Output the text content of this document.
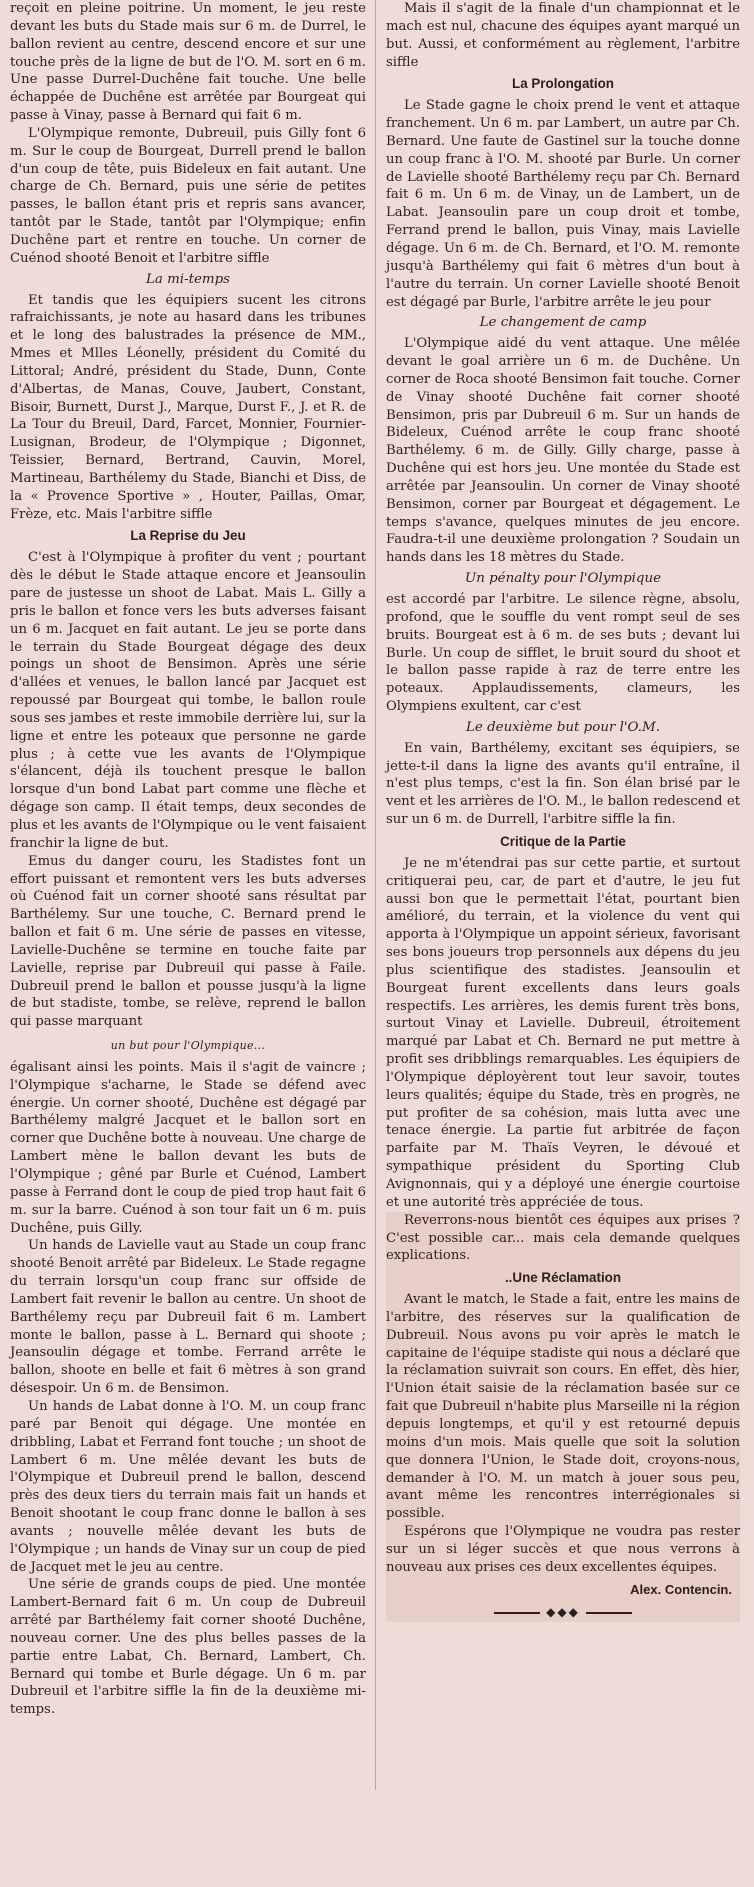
reçoit en pleine poitrine. Un moment, le jeu reste devant les buts du Stade mais sur 6 m. de Durrel, le ballon revient au centre, descend encore et sur une touche près de la ligne de but de l'O. M. sort en 6 m. Une passe Durrel-Duchêne fait touche. Une belle échappée de Duchêne est arrêtée par Bourgeat qui passe à Vinay, passe à Bernard qui fait 6 m.

L'Olympique remonte, Dubreuil, puis Gilly font 6 m. Sur le coup de Bourgeat, Durrell prend le ballon d'un coup de tête, puis Bideleux en fait autant. Une charge de Ch. Bernard, puis une série de petites passes, le ballon étant pris et repris sans avancer, tantôt par le Stade, tantôt par l'Olympique; enfin Duchêne part et rentre en touche. Un corner de Cuénod shooté Benoit et l'arbitre siffle

La mi-temps

Et tandis que les équipiers sucent les citrons rafraichissants, je note au hasard dans les tribunes et le long des balustrades la présence de MM., Mmes et Mlles Léonelly, président du Comité du Littoral; André, président du Stade, Dunn, Conte d'Albertas, de Manas, Couve, Jaubert, Constant, Bisoir, Burnett, Durst J., Marque, Durst F., J. et R. de La Tour du Breuil, Dard, Farcet, Monnier, Fournier-Lusignan, Brodeur, de l'Olympique ; Digonnet, Teissier, Bernard, Bertrand, Cauvin, Morel, Martineau, Barthélemy du Stade, Bianchi et Diss, de la « Provence Sportive » , Houter, Paillas, Omar, Frèze, etc. Mais l'arbitre siffle

La Reprise du Jeu

C'est à l'Olympique à profiter du vent ; pourtant dès le début le Stade attaque encore et Jeansoulin pare de justesse un shoot de Labat. Mais L. Gilly a pris le ballon et fonce vers les buts adverses faisant un 6 m. Jacquet en fait autant. Le jeu se porte dans le terrain du Stade Bourgeat dégage des deux poings un shoot de Bensimon. Après une série d'allées et venues, le ballon lancé par Jacquet est repoussé par Bourgeat qui tombe, le ballon roule sous ses jambes et reste immobile derrière lui, sur la ligne et entre les poteaux que personne ne garde plus ; à cette vue les avants de l'Olympique s'élancent, déjà ils touchent presque le ballon lorsque d'un bond Labat part comme une flèche et dégage son camp. Il était temps, deux secondes de plus et les avants de l'Olympique ou le vent faisaient franchir la ligne de but.

Emus du danger couru, les Stadistes font un effort puissant et remontent vers les buts adverses où Cuénod fait un corner shooté sans résultat par Barthélemy. Sur une touche, C. Bernard prend le ballon et fait 6 m. Une série de passes en vitesse, Lavielle-Duchêne se termine en touche faite par Lavielle, reprise par Dubreuil qui passe à Faile. Dubreuil prend le ballon et pousse jusqu'à la ligne de but stadiste, tombe, se relève, reprend le ballon qui passe marquant

un but pour l'Olympique...

égalisant ainsi les points. Mais il s'agit de vaincre ; l'Olympique s'acharne, le Stade se défend avec énergie. Un corner shooté, Duchêne est dégagé par Barthélemy malgré Jacquet et le ballon sort en corner que Duchêne botte à nouveau. Une charge de Lambert mène le ballon devant les buts de l'Olympique ; gêné par Burle et Cuénod, Lambert passe à Ferrand dont le coup de pied trop haut fait 6 m. sur la barre. Cuénod à son tour fait un 6 m. puis Duchêne, puis Gilly.

Un hands de Lavielle vaut au Stade un coup franc shooté Benoit arrêté par Bideleux. Le Stade regagne du terrain lorsqu'un coup franc sur offside de Lambert fait revenir le ballon au centre. Un shoot de Barthélemy reçu par Dubreuil fait 6 m. Lambert monte le ballon, passe à L. Bernard qui shoote ; Jeansoulin dégage et tombe. Ferrand arrête le ballon, shoote en belle et fait 6 mètres à son grand désespoir. Un 6 m. de Bensimon.

Un hands de Labat donne à l'O. M. un coup franc paré par Benoit qui dégage. Une montée en dribbling, Labat et Ferrand font touche ; un shoot de Lambert 6 m. Une mêlée devant les buts de l'Olympique et Dubreuil prend le ballon, descend près des deux tiers du terrain mais fait un hands et Benoit shootant le coup franc donne le ballon à ses avants ; nouvelle mêlée devant les buts de l'Olympique ; un hands de Vinay sur un coup de pied de Jacquet met le jeu au centre.

Une série de grands coups de pied. Une montée Lambert-Bernard fait 6 m. Un coup de Dubreuil arrêté par Barthélemy fait corner shooté Duchêne, nouveau corner. Une des plus belles passes de la partie entre Labat, Ch. Bernard, Lambert, Ch. Bernard qui tombe et Burle dégage. Un 6 m. par Dubreuil et l'arbitre siffle la fin de la deuxième mi-temps.

Mais il s'agit de la finale d'un championnat et le mach est nul, chacune des équipes ayant marqué un but. Aussi, et conformément au règlement, l'arbitre siffle

La Prolongation

Le Stade gagne le choix prend le vent et attaque franchement. Un 6 m. par Lambert, un autre par Ch. Bernard. Une faute de Gastinel sur la touche donne un coup franc à l'O. M. shooté par Burle. Un corner de Lavielle shooté Barthélemy reçu par Ch. Bernard fait 6 m. Un 6 m. de Vinay, un de Lambert, un de Labat. Jeansoulin pare un coup droit et tombe, Ferrand prend le ballon, puis Vinay, mais Lavielle dégage. Un 6 m. de Ch. Bernard, et l'O. M. remonte jusqu'à Barthélemy qui fait 6 mètres d'un bout à l'autre du terrain. Un corner Lavielle shooté Benoit est dégagé par Burle, l'arbitre arrête le jeu pour

Le changement de camp

L'Olympique aidé du vent attaque. Une mêlée devant le goal arrière un 6 m. de Duchêne. Un corner de Roca shooté Bensimon fait touche. Corner de Vinay shooté Duchêne fait corner shooté Bensimon, pris par Dubreuil 6 m. Sur un hands de Bideleux, Cuénod arrête le coup franc shooté Barthélemy. 6 m. de Gilly. Gilly charge, passe à Duchêne qui est hors jeu. Une montée du Stade est arrêtée par Jeansoulin. Un corner de Vinay shooté Bensimon, corner par Bourgeat et dégagement. Le temps s'avance, quelques minutes de jeu encore. Faudra-t-il une deuxième prolongation ? Soudain un hands dans les 18 mètres du Stade.

Un pénalty pour l'Olympique

est accordé par l'arbitre. Le silence règne, absolu, profond, que le souffle du vent rompt seul de ses bruits. Bourgeat est à 6 m. de ses buts ; devant lui Burle. Un coup de sifflet, le bruit sourd du shoot et le ballon passe rapide à raz de terre entre les poteaux. Applaudissements, clameurs, les Olympiens exultent, car c'est

Le deuxième but pour l'O.M.

En vain, Barthélemy, excitant ses équipiers, se jette-t-il dans la ligne des avants qu'il entraîne, il n'est plus temps, c'est la fin. Son élan brisé par le vent et les arrières de l'O. M., le ballon redescend et sur un 6 m. de Durrell, l'arbitre siffle la fin.

Critique de la Partie

Je ne m'étendrai pas sur cette partie, et surtout critiquerai peu, car, de part et d'autre, le jeu fut aussi bon que le permettait l'état, pourtant bien amélioré, du terrain, et la violence du vent qui apporta à l'Olympique un appoint sérieux, favorisant ses bons joueurs trop personnels aux dépens du jeu plus scientifique des stadistes. Jeansoulin et Bourgeat furent excellents dans leurs goals respectifs. Les arrières, les demis furent très bons, surtout Vinay et Lavielle. Dubreuil, étroitement marqué par Labat et Ch. Bernard ne put mettre à profit ses dribblings remarquables. Les équipiers de l'Olympique déployèrent tout leur savoir, toutes leurs qualités; équipe du Stade, très en progrès, ne put profiter de sa cohésion, mais lutta avec une tenace énergie. La partie fut arbitrée de façon parfaite par M. Thaïs Veyren, le dévoué et sympathique président du Sporting Club Avignonnais, qui y a déployé une énergie courtoise et une autorité très appréciée de tous.

Reverrons-nous bientôt ces équipes aux prises ? C'est possible car... mais cela demande quelques explications.

..Une Réclamation

Avant le match, le Stade a fait, entre les mains de l'arbitre, des réserves sur la qualification de Dubreuil. Nous avons pu voir après le match le capitaine de l'équipe stadiste qui nous a déclaré que la réclamation suivrait son cours. En effet, dès hier, l'Union était saisie de la réclamation basée sur ce fait que Dubreuil n'habite plus Marseille ni la région depuis longtemps, et qu'il y est retourné depuis moins d'un mois. Mais quelle que soit la solution que donnera l'Union, le Stade doit, croyons-nous, demander à l'O. M. un match à jouer sous peu, avant même les rencontres interrégionales si possible.

Espérons que l'Olympique ne voudra pas rester sur un si léger succès et que nous verrons à nouveau aux prises ces deux excellentes équipes.

Alex. Contencin.
◆◆◆
